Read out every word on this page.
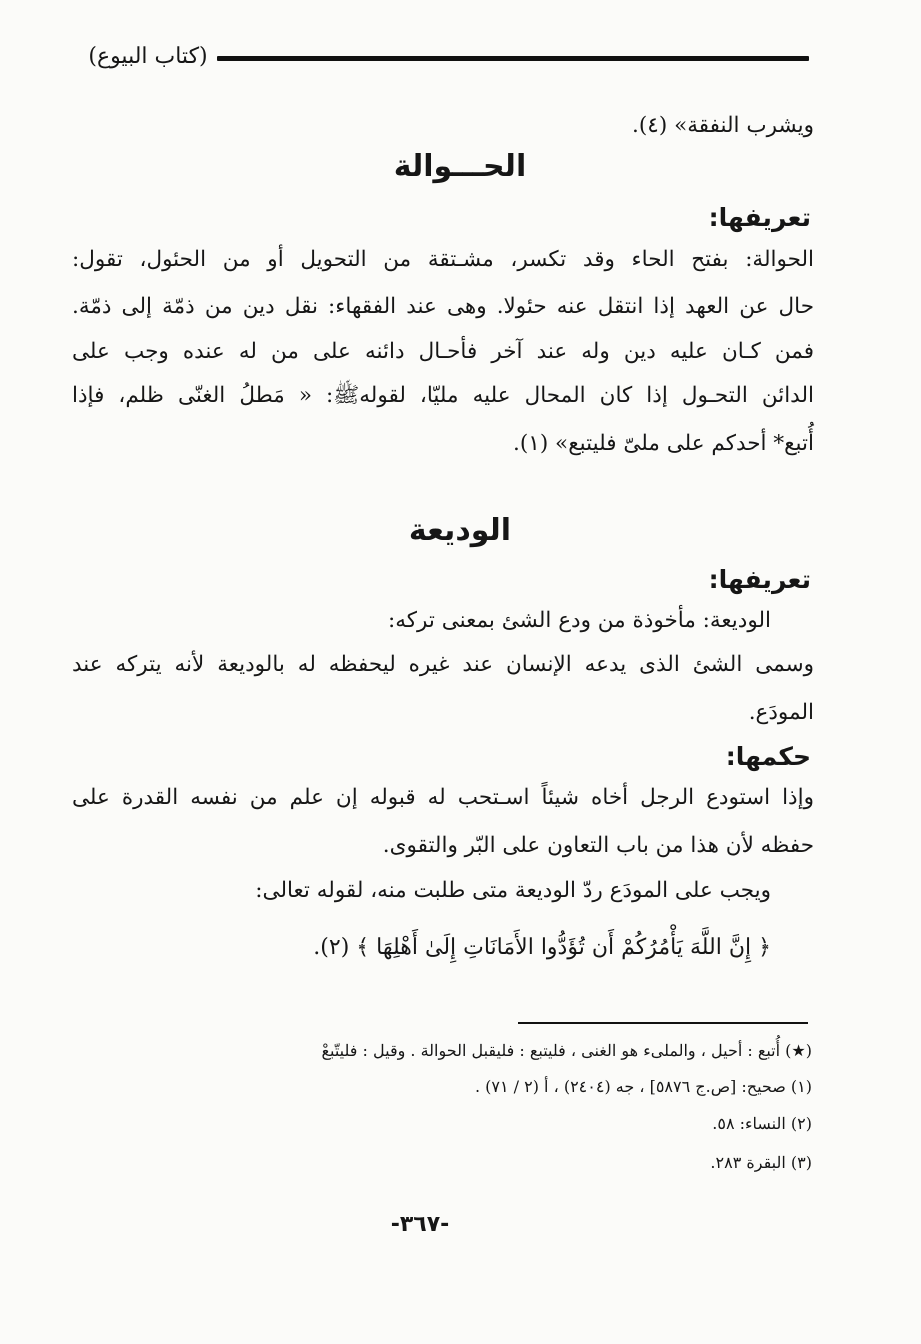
(كتاب البيوع)
ويشرب النفقة» (٤).
الحـــوالة
تعريفها:
الحوالة: بفتح الحاء وقد تكسر، مشـتقة من التحويل أو من الحئول، تقول:
حال عن العهد إذا انتقل عنه حئولا. وهى عند الفقهاء: نقل دين من ذمّة إلى ذمّة.
فمن كـان عليه دين وله عند آخر فأحـال دائنه على من له عنده وجب على
الدائن التحـول إذا كان المحال عليه مليّا، لقولهﷺ: « مَطلُ الغنّى ظلم، فإذا
أُتبع* أحدكم على ملىّ فليتبع» (١).
الوديعة
تعريفها:
الوديعة: مأخوذة من ودع الشئ بمعنى تركه:
وسمى الشئ الذى يدعه الإنسان عند غيره ليحفظه له بالوديعة لأنه يتركه عند
المودَع.
حكمها:
وإذا استودع الرجل أخاه شيئاً اسـتحب له قبوله إن علم من نفسه القدرة على
حفظه لأن هذا من باب التعاون على البّر والتقوى.
ويجب على المودَع ردّ الوديعة متى طلبت منه، لقوله تعالى:
﴿ إِنَّ اللَّهَ يَأْمُرُكُمْ أَن تُؤَدُّوا الأَمَانَاتِ إِلَىٰ أَهْلِهَا ﴾ (٢).
(★) أُتبع : أحيل ، والملىء هو الغنى ، فليتبع : فليقبل الحوالة . وقيل : فليتّبعْ
(١) صحيح: [ص.ج ٥٨٧٦] ، جه (٢٤٠٤) ، أ (٢ / ٧١) .
(٢) النساء: ٥٨.
(٣) البقرة ٢٨٣.
-٣٦٧-
